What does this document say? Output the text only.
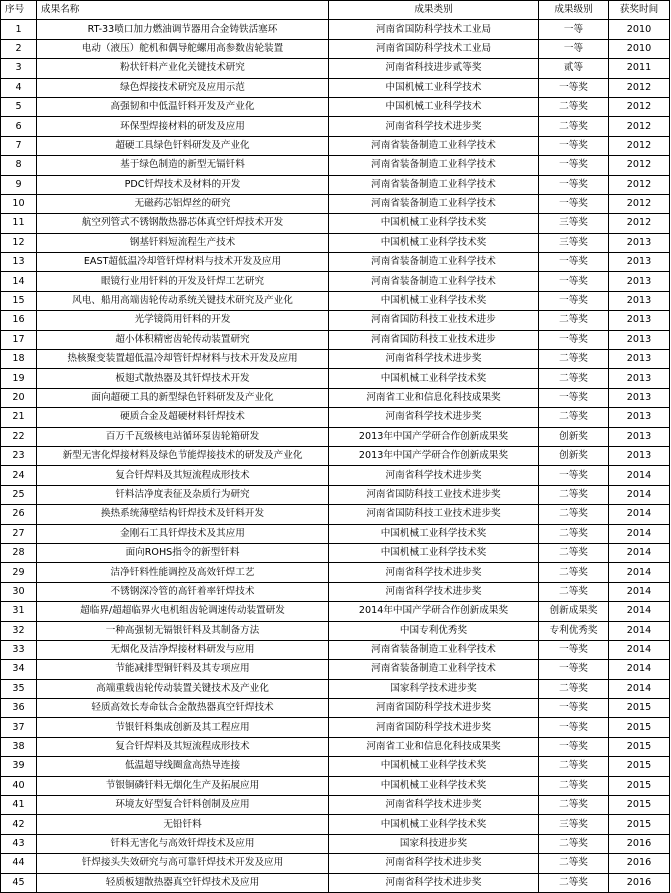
序号	成果名称	成果类别	成果级别	获奖时间
1	RT-33喷口加力燃油调节器用合金铸铁活塞环	河南省国防科学技术工业局	一等	2010
2	电动（液压）舵机和偶导舵螺用高参数齿轮装置	河南省国防科学技术工业局	一等	2010
3	粉状钎料产业化关键技术研究	河南省科技进步贰等奖	贰等	2011
4	绿色焊接技术研究及应用示范	中国机械工业科学技术	一等奖	2012
5	高强韧和中低温钎料开发及产业化	中国机械工业科学技术	二等奖	2012
6	环保型焊接材料的研发及应用	河南省科学技术进步奖	二等奖	2012
7	超硬工具绿色钎料研发及产业化	河南省装备制造工业科学技术	一等奖	2012
8	基于绿色制造的新型无镉钎料	河南省装备制造工业科学技术	一等奖	2012
9	PDC钎焊技术及材料的开发	河南省装备制造工业科学技术	一等奖	2012
10	无磁药芯铝焊丝的研究	河南省装备制造工业科学技术	一等奖	2012
11	航空列管式不锈钢散热器芯体真空钎焊技术开发	中国机械工业科学技术奖	三等奖	2012
12	钢基钎料短流程生产技术	中国机械工业科学技术奖	三等奖	2013
13	EAST超低温冷却管钎焊材料与技术开发及应用	河南省装备制造工业科学技术	一等奖	2013
14	眼镜行业用钎料的开发及钎焊工艺研究	河南省装备制造工业科学技术	一等奖	2013
15	风电、船用高端齿轮传动系统关键技术研究及产业化	中国机械工业科学技术奖	一等奖	2013
16	光学镜筒用钎料的开发	河南省国防科技工业技术进步	二等奖	2013
17	超小体积精密齿轮传动装置研究	河南省国防科技工业技术进步	一等奖	2013
18	热核聚变装置超低温冷却管钎焊材料与技术开发及应用	河南省科学技术进步奖	二等奖	2013
19	板翅式散热器及其钎焊技术开发	中国机械工业科学技术奖	二等奖	2013
20	面向超硬工具的新型绿色钎料研发及产业化	河南省工业和信息化科技成果奖	一等奖	2013
21	硬质合金及超硬材料钎焊技术	河南省科学技术进步奖	二等奖	2013
22	百万千瓦级核电站循环泵齿轮箱研发	2013年中国产学研合作创新成果奖	创新奖	2013
23	新型无害化焊接材料及绿色节能焊接技术的研发及产业化	2013年中国产学研合作创新成果奖	创新奖	2013
24	复合钎焊料及其短流程成形技术	河南省科学技术进步奖	一等奖	2014
25	钎料洁净度表征及杂质行为研究	河南省国防科技工业技术进步奖	二等奖	2014
26	换热系统薄壁结构钎焊技术及钎料开发	河南省国防科技工业技术进步奖	二等奖	2014
27	金刚石工具钎焊技术及其应用	中国机械工业科学技术奖	二等奖	2014
28	面向ROHS指令的新型钎料	中国机械工业科学技术奖	二等奖	2014
29	洁净钎料性能调控及高效钎焊工艺	河南省科学技术进步奖	二等奖	2014
30	不锈钢深冷管的高钎着率钎焊技术	河南省科学技术进步奖	二等奖	2014
31	超临界/超超临界火电机组齿轮调速传动装置研发	2014年中国产学研合作创新成果奖	创新成果奖	2014
32	一种高强韧无镉银钎料及其制备方法	中国专利优秀奖	专利优秀奖	2014
33	无烟化及洁净焊接材料研发与应用	河南省装备制造工业科学技术	一等奖	2014
34	节能减排型铜钎料及其专项应用	河南省装备制造工业科学技术	一等奖	2014
35	高端重载齿轮传动装置关键技术及产业化	国家科学技术进步奖	二等奖	2014
36	轻质高效长寿命钛合金散热器真空钎焊技术	河南省国防科学技术进步奖	一等奖	2015
37	节银钎料集成创新及其工程应用	河南省国防科学技术进步奖	一等奖	2015
38	复合钎焊料及其短流程成形技术	河南省工业和信息化科技成果奖	一等奖	2015
39	低温超导线圈盒高热导连接	中国机械工业科学技术奖	二等奖	2015
40	节银铜磷钎料无烟化生产及拓展应用	中国机械工业科学技术奖	二等奖	2015
41	环境友好型复合钎料创制及应用	河南省科学技术进步奖	二等奖	2015
42	无铅钎料	中国机械工业科学技术奖	三等奖	2015
43	钎料无害化与高效钎焊技术及应用	国家科技进步奖	二等奖	2016
44	钎焊接头失效研究与高可靠钎焊技术开发及应用	河南省科学技术进步奖	二等奖	2016
45	轻质板翅散热器真空钎焊技术及应用	河南省科学技术进步奖	二等奖	2016
